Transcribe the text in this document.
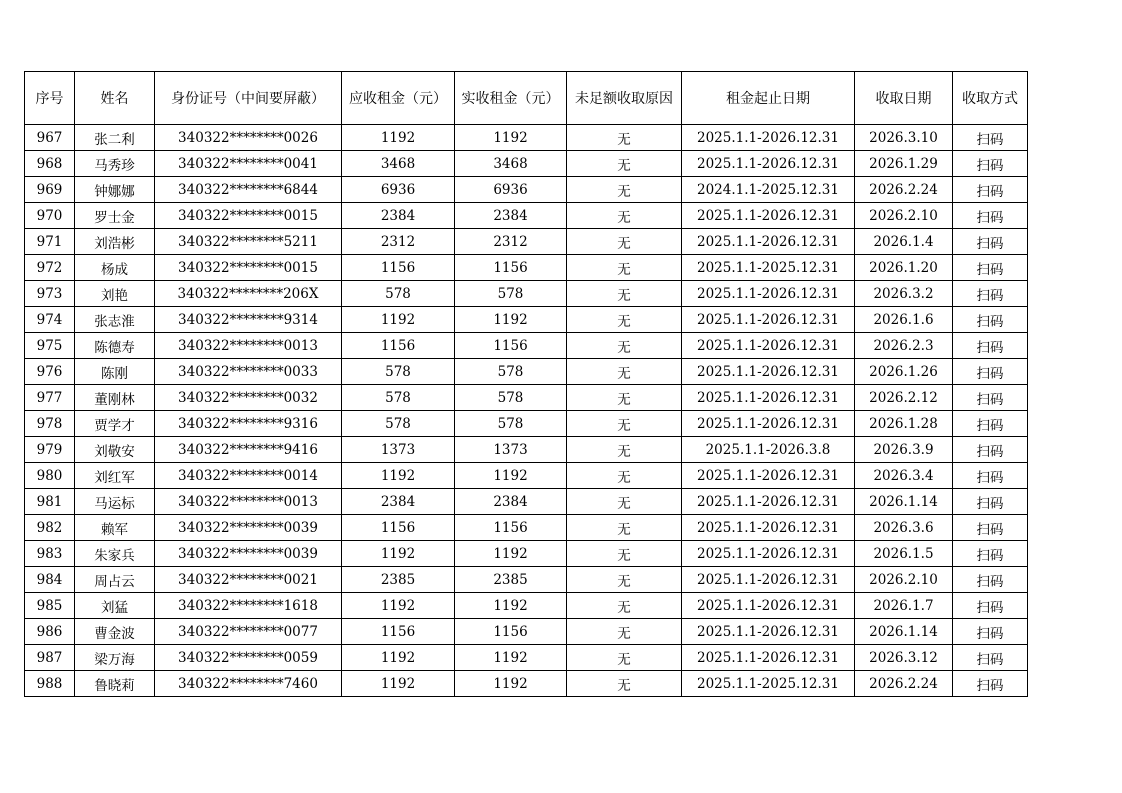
序号	姓名	身份证号（中间要屏蔽）	应收租金（元）	实收租金（元）	未足额收取原因	租金起止日期	收取日期	收取方式
967	张二利	340322********0026	1192	1192	无	2025.1.1-2026.12.31	2026.3.10	扫码
968	马秀珍	340322********0041	3468	3468	无	2025.1.1-2026.12.31	2026.1.29	扫码
969	钟娜娜	340322********6844	6936	6936	无	2024.1.1-2025.12.31	2026.2.24	扫码
970	罗士金	340322********0015	2384	2384	无	2025.1.1-2026.12.31	2026.2.10	扫码
971	刘浩彬	340322********5211	2312	2312	无	2025.1.1-2026.12.31	2026.1.4	扫码
972	杨成	340322********0015	1156	1156	无	2025.1.1-2025.12.31	2026.1.20	扫码
973	刘艳	340322********206X	578	578	无	2025.1.1-2026.12.31	2026.3.2	扫码
974	张志淮	340322********9314	1192	1192	无	2025.1.1-2026.12.31	2026.1.6	扫码
975	陈德寿	340322********0013	1156	1156	无	2025.1.1-2026.12.31	2026.2.3	扫码
976	陈刚	340322********0033	578	578	无	2025.1.1-2026.12.31	2026.1.26	扫码
977	董刚林	340322********0032	578	578	无	2025.1.1-2026.12.31	2026.2.12	扫码
978	贾学才	340322********9316	578	578	无	2025.1.1-2026.12.31	2026.1.28	扫码
979	刘敬安	340322********9416	1373	1373	无	2025.1.1-2026.3.8	2026.3.9	扫码
980	刘红军	340322********0014	1192	1192	无	2025.1.1-2026.12.31	2026.3.4	扫码
981	马运标	340322********0013	2384	2384	无	2025.1.1-2026.12.31	2026.1.14	扫码
982	赖军	340322********0039	1156	1156	无	2025.1.1-2026.12.31	2026.3.6	扫码
983	朱家兵	340322********0039	1192	1192	无	2025.1.1-2026.12.31	2026.1.5	扫码
984	周占云	340322********0021	2385	2385	无	2025.1.1-2026.12.31	2026.2.10	扫码
985	刘猛	340322********1618	1192	1192	无	2025.1.1-2026.12.31	2026.1.7	扫码
986	曹金波	340322********0077	1156	1156	无	2025.1.1-2026.12.31	2026.1.14	扫码
987	梁万海	340322********0059	1192	1192	无	2025.1.1-2026.12.31	2026.3.12	扫码
988	鲁晓莉	340322********7460	1192	1192	无	2025.1.1-2025.12.31	2026.2.24	扫码
